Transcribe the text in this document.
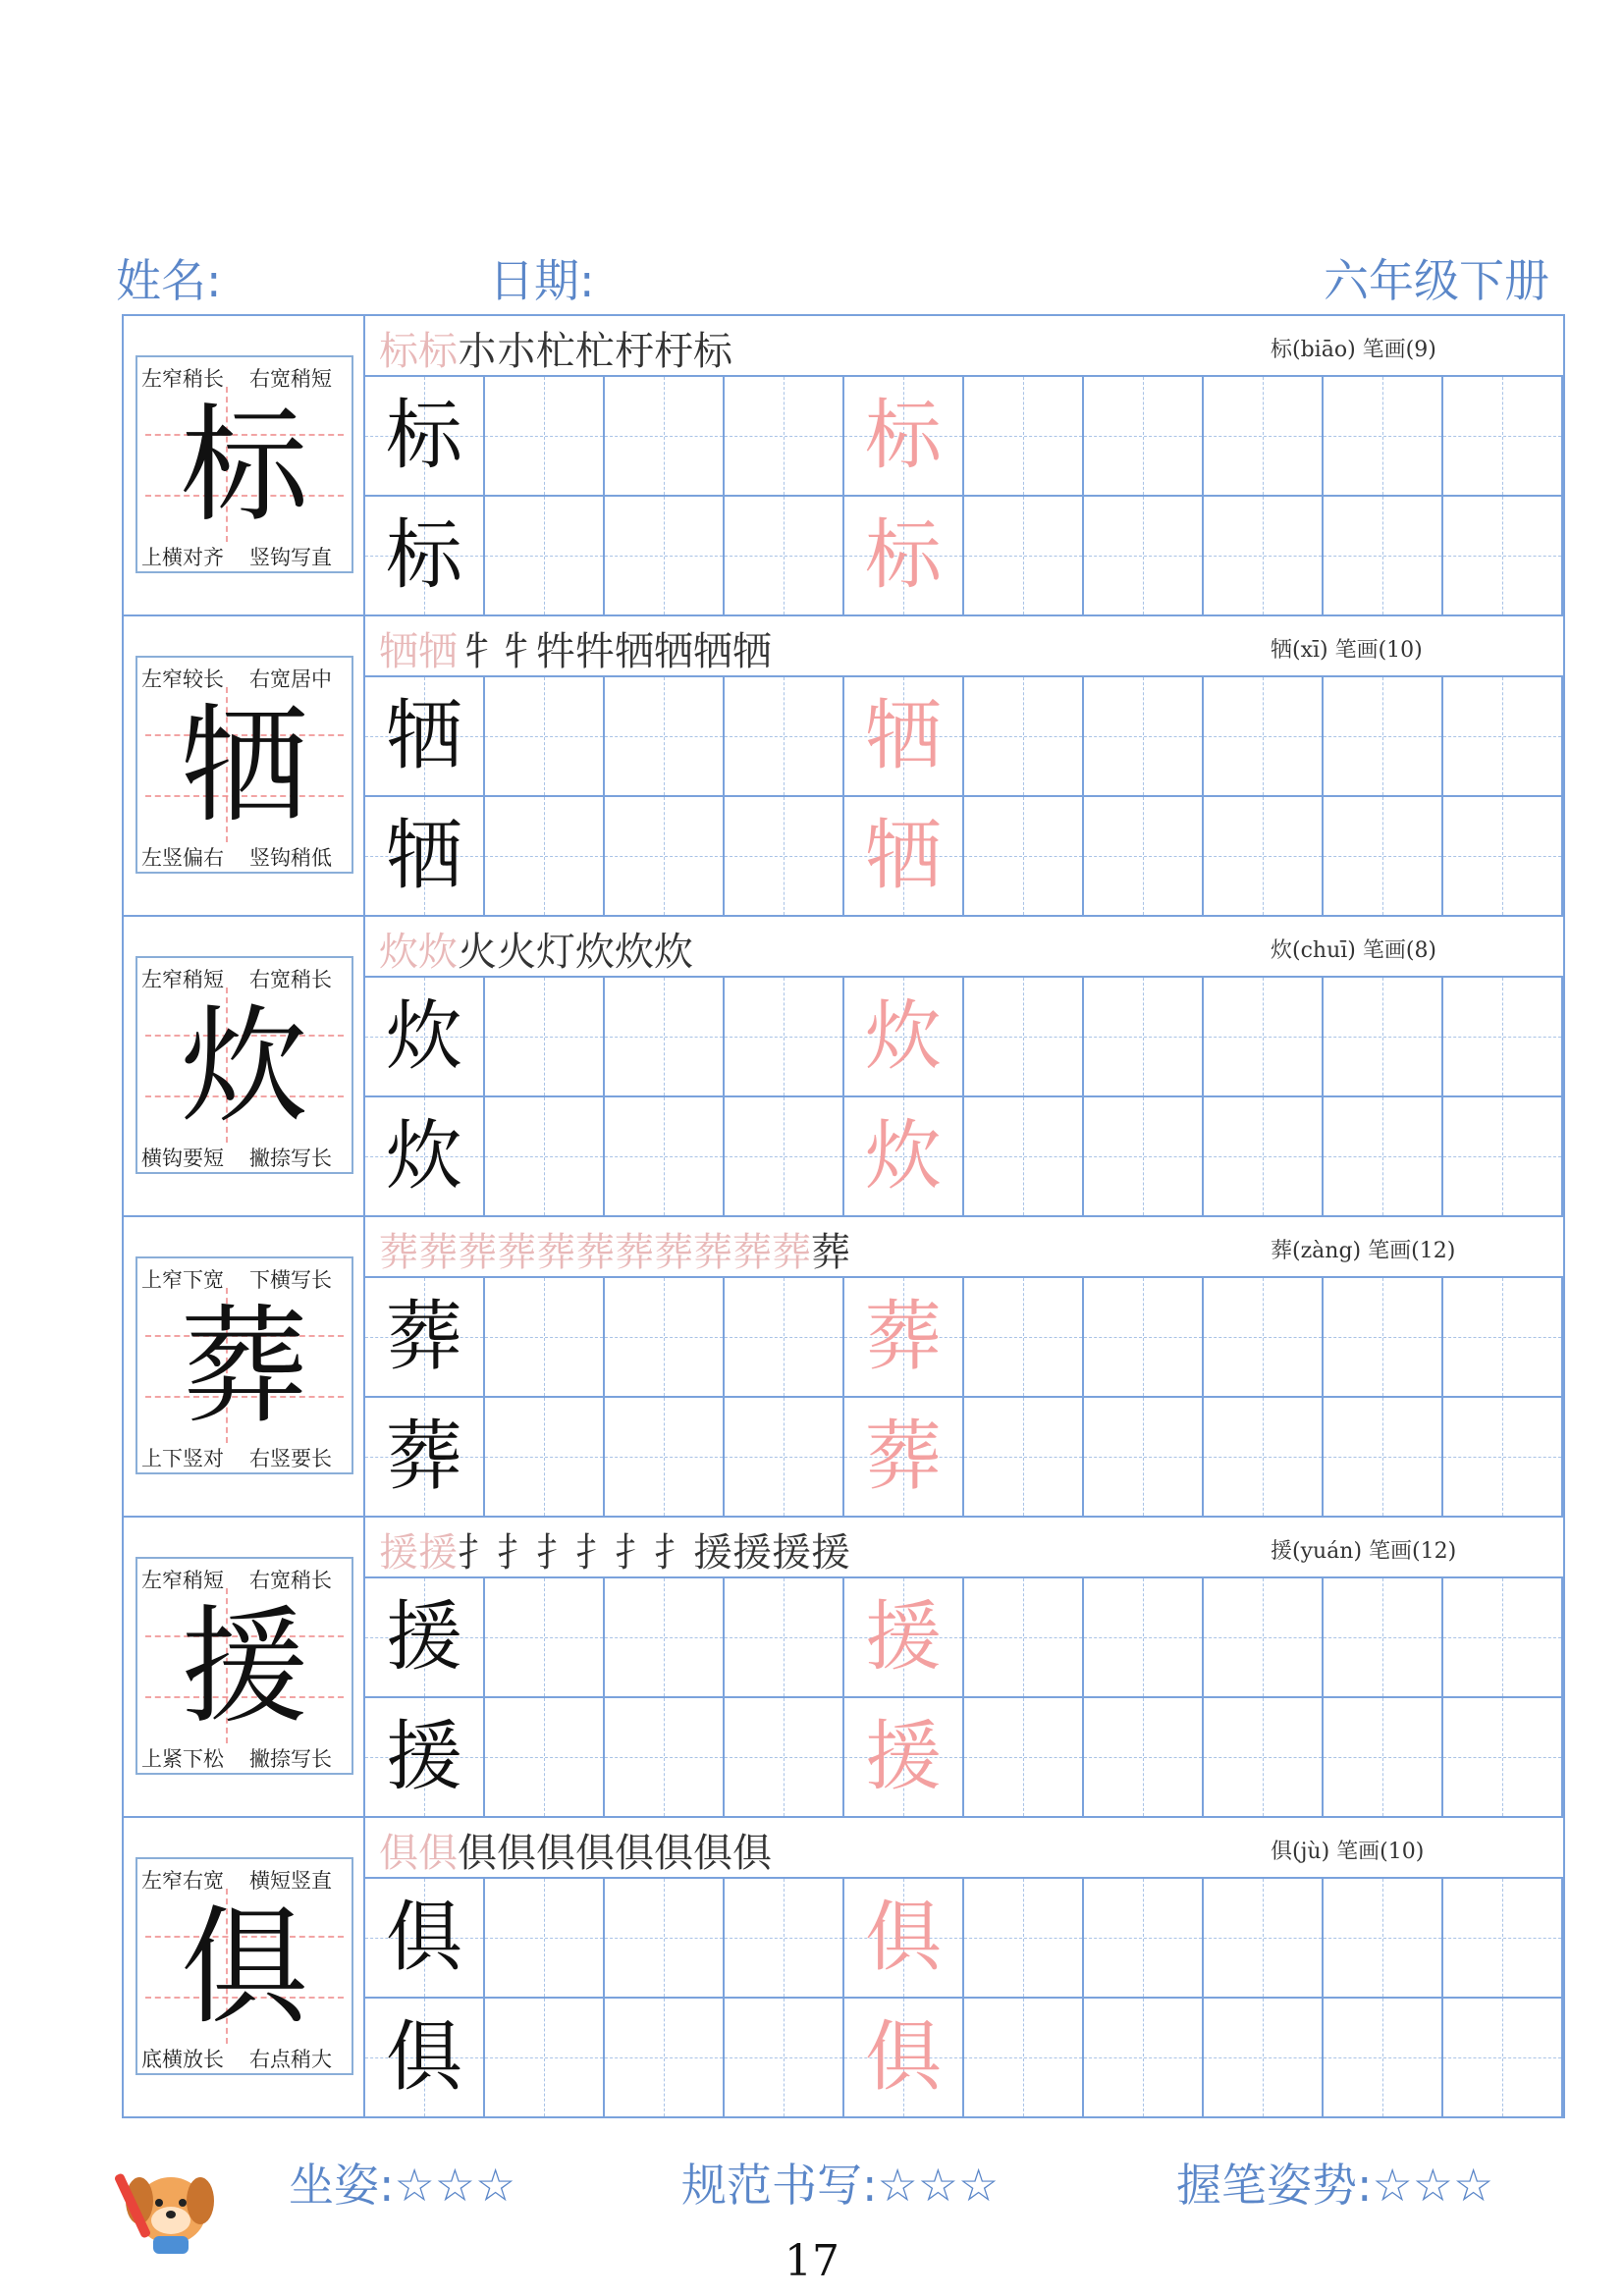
姓名:	日期:	六年级下册
左窄稍长 右宽稍短
上横对齐 竖钩写直
标
标标朩朩杧杧杅杅标	标(biāo) 笔画(9)
标	标
标	标
左窄较长 右宽居中
左竖偏右 竖钩稍低
牺
牺牺牜牜牪牪牺牺牺牺	牺(xī) 笔画(10)
牺	牺
牺	牺
左窄稍短 右宽稍长
横钩要短 撇捺写长
炊
炊炊火火灯炊炊炊	炊(chuī) 笔画(8)
炊	炊
炊	炊
上窄下宽 下横写长
上下竖对 右竖要长
葬
葬葬葬葬葬葬葬葬葬葬葬葬	葬(zàng) 笔画(12)
葬	葬
葬	葬
左窄稍短 右宽稍长
上紧下松 撇捺写长
援
援援扌扌扌扌扌扌援援援援	援(yuán) 笔画(12)
援	援
援	援
左窄右宽 横短竖直
底横放长 右点稍大
俱
俱俱俱俱俱俱俱俱俱俱	俱(jù) 笔画(10)
俱	俱
俱	俱
坐姿:☆☆☆	规范书写:☆☆☆	握笔姿势:☆☆☆
17
